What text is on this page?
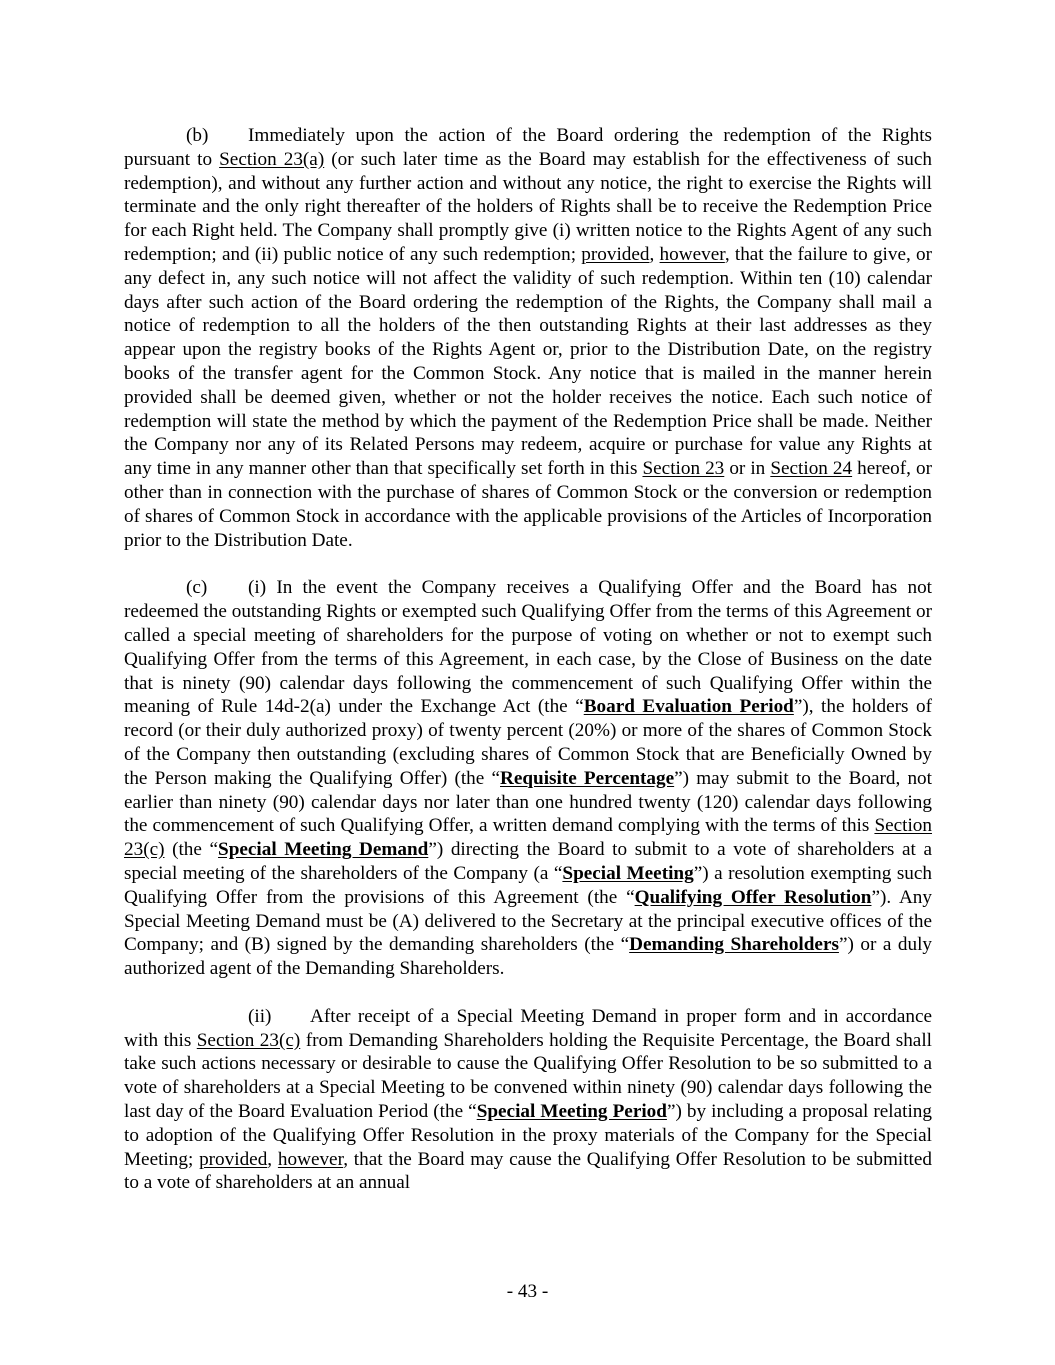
(b) Immediately upon the action of the Board ordering the redemption of the Rights pursuant to Section 23(a) (or such later time as the Board may establish for the effectiveness of such redemption), and without any further action and without any notice, the right to exercise the Rights will terminate and the only right thereafter of the holders of Rights shall be to receive the Redemption Price for each Right held. The Company shall promptly give (i) written notice to the Rights Agent of any such redemption; and (ii) public notice of any such redemption; provided, however, that the failure to give, or any defect in, any such notice will not affect the validity of such redemption. Within ten (10) calendar days after such action of the Board ordering the redemption of the Rights, the Company shall mail a notice of redemption to all the holders of the then outstanding Rights at their last addresses as they appear upon the registry books of the Rights Agent or, prior to the Distribution Date, on the registry books of the transfer agent for the Common Stock. Any notice that is mailed in the manner herein provided shall be deemed given, whether or not the holder receives the notice. Each such notice of redemption will state the method by which the payment of the Redemption Price shall be made. Neither the Company nor any of its Related Persons may redeem, acquire or purchase for value any Rights at any time in any manner other than that specifically set forth in this Section 23 or in Section 24 hereof, or other than in connection with the purchase of shares of Common Stock or the conversion or redemption of shares of Common Stock in accordance with the applicable provisions of the Articles of Incorporation prior to the Distribution Date.

(c) (i) In the event the Company receives a Qualifying Offer and the Board has not redeemed the outstanding Rights or exempted such Qualifying Offer from the terms of this Agreement or called a special meeting of shareholders for the purpose of voting on whether or not to exempt such Qualifying Offer from the terms of this Agreement, in each case, by the Close of Business on the date that is ninety (90) calendar days following the commencement of such Qualifying Offer within the meaning of Rule 14d-2(a) under the Exchange Act (the “Board Evaluation Period”), the holders of record (or their duly authorized proxy) of twenty percent (20%) or more of the shares of Common Stock of the Company then outstanding (excluding shares of Common Stock that are Beneficially Owned by the Person making the Qualifying Offer) (the “Requisite Percentage”) may submit to the Board, not earlier than ninety (90) calendar days nor later than one hundred twenty (120) calendar days following the commencement of such Qualifying Offer, a written demand complying with the terms of this Section 23(c) (the “Special Meeting Demand”) directing the Board to submit to a vote of shareholders at a special meeting of the shareholders of the Company (a “Special Meeting”) a resolution exempting such Qualifying Offer from the provisions of this Agreement (the “Qualifying Offer Resolution”). Any Special Meeting Demand must be (A) delivered to the Secretary at the principal executive offices of the Company; and (B) signed by the demanding shareholders (the “Demanding Shareholders”) or a duly authorized agent of the Demanding Shareholders.

(ii) After receipt of a Special Meeting Demand in proper form and in accordance with this Section 23(c) from Demanding Shareholders holding the Requisite Percentage, the Board shall take such actions necessary or desirable to cause the Qualifying Offer Resolution to be so submitted to a vote of shareholders at a Special Meeting to be convened within ninety (90) calendar days following the last day of the Board Evaluation Period (the “Special Meeting Period”) by including a proposal relating to adoption of the Qualifying Offer Resolution in the proxy materials of the Company for the Special Meeting; provided, however, that the Board may cause the Qualifying Offer Resolution to be submitted to a vote of shareholders at an annual

- 43 -
